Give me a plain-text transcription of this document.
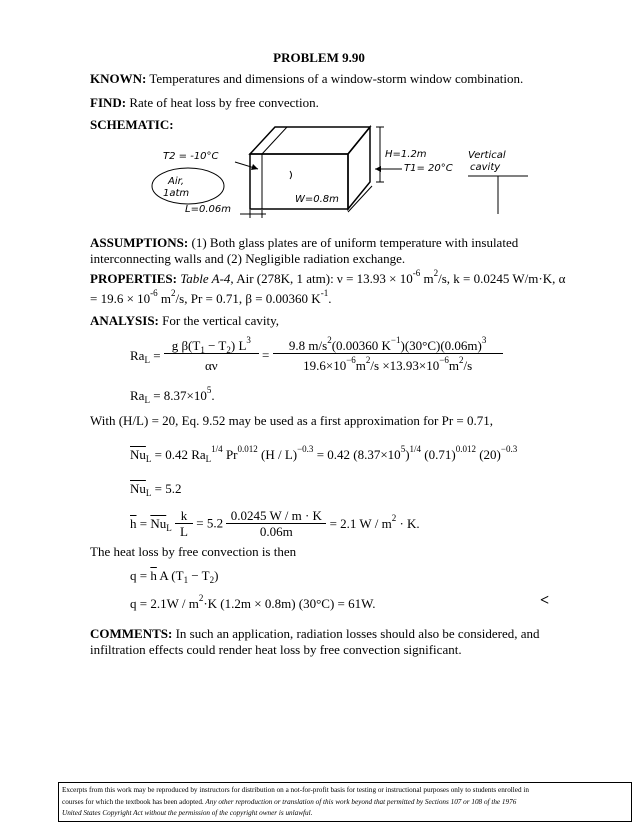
PROBLEM 9.90
KNOWN: Temperatures and dimensions of a window-storm window combination.
FIND: Rate of heat loss by free convection.
SCHEMATIC:
T2 = -10°C
Air,
1atm
H=1.2m
T1= 20°C
Vertical
cavity
L=0.06m
W=0.8m
ASSUMPTIONS: (1) Both glass plates are of uniform temperature with insulated
interconnecting walls and (2) Negligible radiation exchange.
PROPERTIES: Table A-4, Air (278K, 1 atm): $\nu = 13.93 \times 10^{-6}$ $m^2/s$, k = 0.0245 W/m·K, α
= $19.6 \times 10^{-6}$ $m^2/s$, Pr = 0.71, β = 0.00360 $K^{-1}$.
ANALYSIS: For the vertical cavity,
$Ra_L = \frac{g \beta(T_1 - T_2) L^3}{\alpha\nu} = \frac{9.8 m/s^2(0.00360 K^{-1})(30^\circ C)(0.06m)^3}{19.6\times 10^{-6}m^2/s \times 13.93\times 10^{-6}m^2/s}$
$Ra_L = 8.37\times 10^5$.
With (H/L) = 20, Eq. 9.52 may be used as a first approximation for Pr = 0.71,
$\overline{Nu}_L = 0.42$ $Ra_L^{1/4}$ $Pr^{0.012}$ (H / L)$^{-0.3}$ = 0.42 $(8.37\times 10^5)^{1/4}$ $(0.71)^{0.012}$ $(20)^{-0.3}$
$\overline{Nu}_L = 5.2$
$\overline{h} = \overline{Nu}_L \frac{k}{L} = 5.2 \frac{0.0245 W / m \cdot K}{0.06m} = 2.1$ $W / m^2 \cdot K$.
The heat loss by free convection is then
$q = \overline{h}$ A $(T_1 - T_2)$
$q = 2.1W / m^2\cdot K$ (1.2m × 0.8m) (30°C) = 61W.	<
COMMENTS: In such an application, radiation losses should also be considered, and
infiltration effects could render heat loss by free convection significant.
Excerpts from this work may be reproduced by instructors for distribution on a not-for-profit basis for testing or instructional purposes only to students enrolled in
courses for which the textbook has been adopted. Any other reproduction or translation of this work beyond that permitted by Sections 107 or 108 of the 1976
United States Copyright Act without the permission of the copyright owner is unlawful.
